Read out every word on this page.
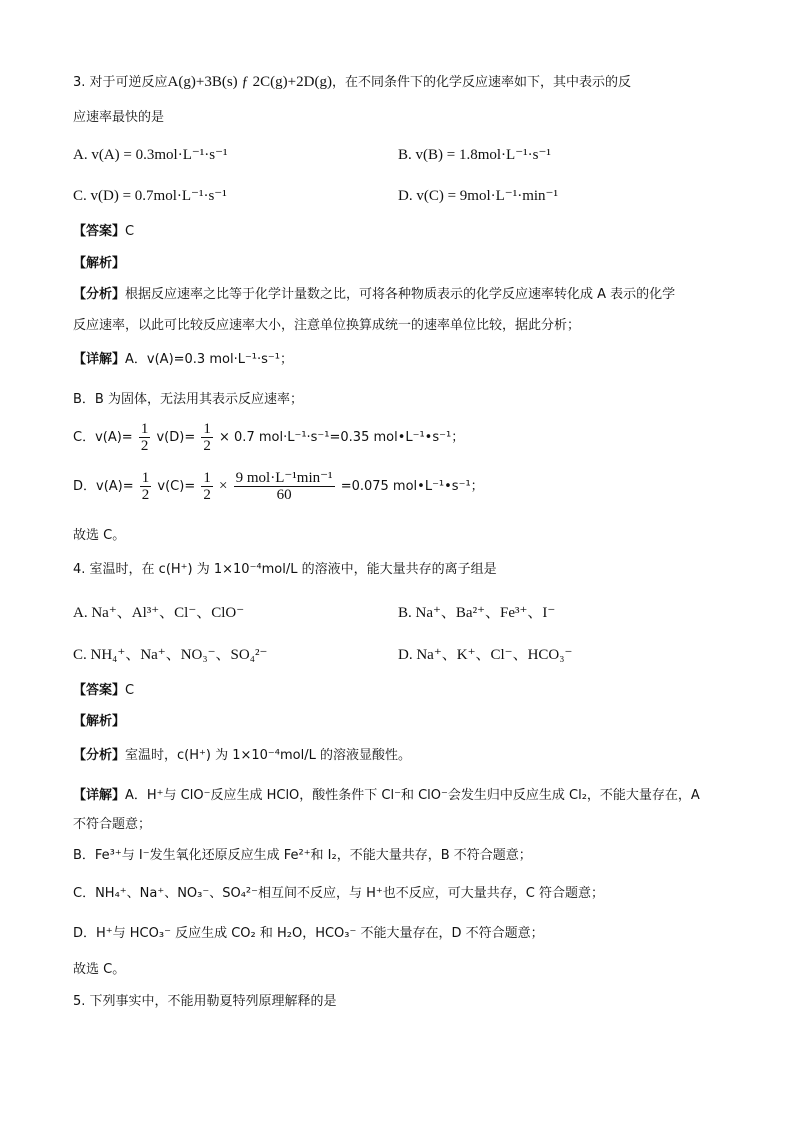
3. 对于可逆反应A(g)+3B(s) ƒ 2C(g)+2D(g)，在不同条件下的化学反应速率如下，其中表示的反
应速率最快的是
A. v(A) = 0.3mol·L⁻¹·s⁻¹	B. v(B) = 1.8mol·L⁻¹·s⁻¹
C. v(D) = 0.7mol·L⁻¹·s⁻¹	D. v(C) = 9mol·L⁻¹·min⁻¹
【答案】C
【解析】
【分析】根据反应速率之比等于化学计量数之比，可将各种物质表示的化学反应速率转化成 A 表示的化学
反应速率，以此可比较反应速率大小，注意单位换算成统一的速率单位比较，据此分析；
【详解】A．v(A)=0.3 mol·L⁻¹·s⁻¹；
B．B 为固体，无法用其表示反应速率；
C．$v(A)= \frac{1}{2} v(D)= \frac{1}{2} \times 0.7$ mol·L⁻¹·s⁻¹=0.35 mol•L⁻¹•s⁻¹；
D．$v(A)= \frac{1}{2} v(C)= \frac{1}{2} \times \frac{\text{9 mol·L⁻¹min⁻¹}}{60} =0.075$ mol•L⁻¹•s⁻¹；
故选 C。
4. 室温时，在 c(H⁺) 为 1×10⁻⁴mol/L 的溶液中，能大量共存的离子组是
A. Na⁺、Al³⁺、Cl⁻、ClO⁻	B. Na⁺、Ba²⁺、Fe³⁺、I⁻
C. NH₄⁺、Na⁺、NO₃⁻、SO₄²⁻	D. Na⁺、K⁺、Cl⁻、HCO₃⁻
【答案】C
【解析】
【分析】室温时，c(H⁺) 为 1×10⁻⁴mol/L 的溶液显酸性。
【详解】A．H⁺与 ClO⁻反应生成 HClO，酸性条件下 Cl⁻和 ClO⁻会发生归中反应生成 Cl₂，不能大量存在，A
不符合题意；
B．Fe³⁺与 I⁻发生氧化还原反应生成 Fe²⁺和 I₂，不能大量共存，B 不符合题意；
C．NH₄⁺、Na⁺、NO₃⁻、SO₄²⁻相互间不反应，与 H⁺也不反应，可大量共存，C 符合题意；
D．H⁺与 HCO₃⁻ 反应生成 CO₂ 和 H₂O，HCO₃⁻ 不能大量存在，D 不符合题意；
故选 C。
5. 下列事实中，不能用勒夏特列原理解释的是
